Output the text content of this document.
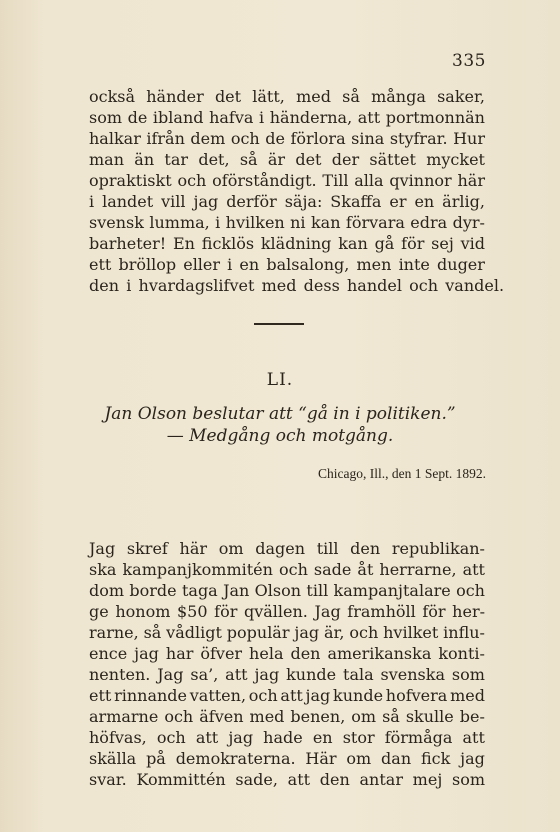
335
också händer det lätt, med så många saker,
som de ibland hafva i händerna, att portmonnän
halkar ifrån dem och de förlora sina styfrar. Hur
man än tar det, så är det der sättet mycket
opraktiskt och oförståndigt. Till alla qvinnor här
i landet vill jag derför säja: Skaffa er en ärlig,
svensk lumma, i hvilken ni kan förvara edra dyr-
barheter! En ficklös klädning kan gå för sej vid
ett bröllop eller i en balsalong, men inte duger
den i hvardagslifvet med dess handel och vandel.
LI.
Jan Olson beslutar att “gå in i politiken.”
— Medgång och motgång.
Chicago, Ill., den 1 Sept. 1892.
Jag skref här om dagen till den republikan-
ska kampanjkommitén och sade åt herrarne, att
dom borde taga Jan Olson till kampanjtalare och
ge honom $50 för qvällen. Jag framhöll för her-
rarne, så vådligt populär jag är, och hvilket influ-
ence jag har öfver hela den amerikanska konti-
nenten. Jag sa’, att jag kunde tala svenska som
ett rinnande vatten, och att jag kunde hofvera med
armarne och äfven med benen, om så skulle be-
höfvas, och att jag hade en stor förmåga att
skälla på demokraterna. Här om dan fick jag
svar. Kommittén sade, att den antar mej som
